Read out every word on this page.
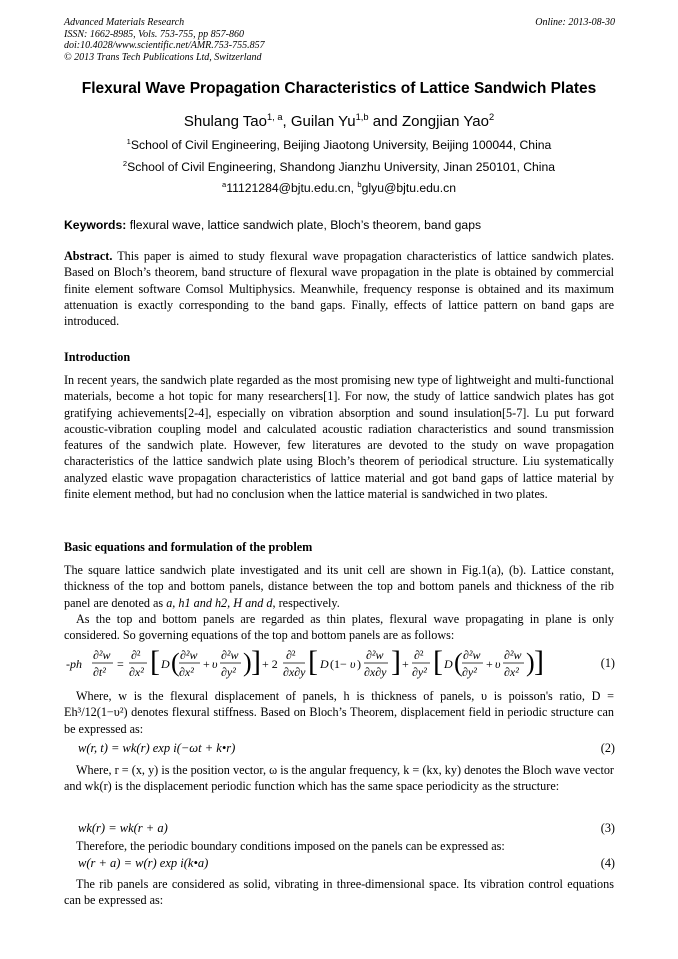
Advanced Materials Research
ISSN: 1662-8985, Vols. 753-755, pp 857-860
doi:10.4028/www.scientific.net/AMR.753-755.857
© 2013 Trans Tech Publications Ltd, Switzerland
Online: 2013-08-30
Flexural Wave Propagation Characteristics of Lattice Sandwich Plates
Shulang Tao$^{1, a}$, Guilan Yu$^{1,b}$ and Zongjian Yao$^2$
$^1$School of Civil Engineering, Beijing Jiaotong University, Beijing 100044, China
$^2$School of Civil Engineering, Shandong Jianzhu University, Jinan 250101, China
$^a$11121284@bjtu.edu.cn, $^b$glyu@bjtu.edu.cn
Keywords: flexural wave, lattice sandwich plate, Bloch’s theorem, band gaps

Abstract. This paper is aimed to study flexural wave propagation characteristics of lattice sandwich plates. Based on Bloch’s theorem, band structure of flexural wave propagation in the plate is obtained by commercial finite element software Comsol Multiphysics. Meanwhile, frequency response is obtained and its maximum attenuation is exactly corresponding to the band gaps. Finally, effects of lattice pattern on band gaps are introduced.

Introduction
In recent years, the sandwich plate regarded as the most promising new type of lightweight and multi-functional materials, become a hot topic for many researchers[1]. For now, the study of lattice sandwich plates has got gratifying achievements[2-4], especially on vibration absorption and sound insulation[5-7]. Lu put forward acoustic-vibration coupling model and calculated acoustic radiation characteristics and sound transmission features of the sandwich plate. However, few literatures are devoted to the study on wave propagation characteristics of the lattice sandwich plate using Bloch’s theorem of periodical structure. Liu systematically analyzed elastic wave propagation characteristics of lattice material and got band gaps of lattice material by finite element method, but had no conclusion when the lattice material is sandwiched in two plates.
Basic equations and formulation of the problem

The square lattice sandwich plate investigated and its unit cell are shown in Fig.1(a), (b). Lattice constant, thickness of the top and bottom panels, distance between the top and bottom panels and thickness of the rib panel are denoted as a, h1 and h2, H and d, respectively.

As the top and bottom panels are regarded as thin plates, flexural wave propagating in plane is only considered. So governing equations of the top and bottom panels are as follows:
-ph
∂²w
∂t²
=
∂²
∂x² [ D ( ∂²w
∂x²
+ υ
∂²w
∂y² ) ] + 2
∂²
∂x∂y [ D (1− υ )
∂²w
∂x∂y ] +
∂²
∂y² [ D ( ∂²w
∂y²
+ υ
∂²w
∂x² ) ]	(1)
Where, w is the flexural displacement of panels, h is thickness of panels, υ is poisson's ratio, D = Eh³/12(1−υ²) denotes flexural stiffness. Based on Bloch’s Theorem, displacement field in periodic structure can be expressed as:
w(r, t) = wk(r) exp i(−ωt + k•r)	(2)
Where, r = (x, y) is the position vector, ω is the angular frequency, k = (kx, ky) denotes the Bloch wave vector and wk(r) is the displacement periodic function which has the same space periodicity as the structure:
wk(r) = wk(r + a)	(3)
Therefore, the periodic boundary conditions imposed on the panels can be expressed as:
w(r + a) = w(r) exp i(k•a)	(4)
The rib panels are considered as solid, vibrating in three-dimensional space. Its vibration control equations can be expressed as:
